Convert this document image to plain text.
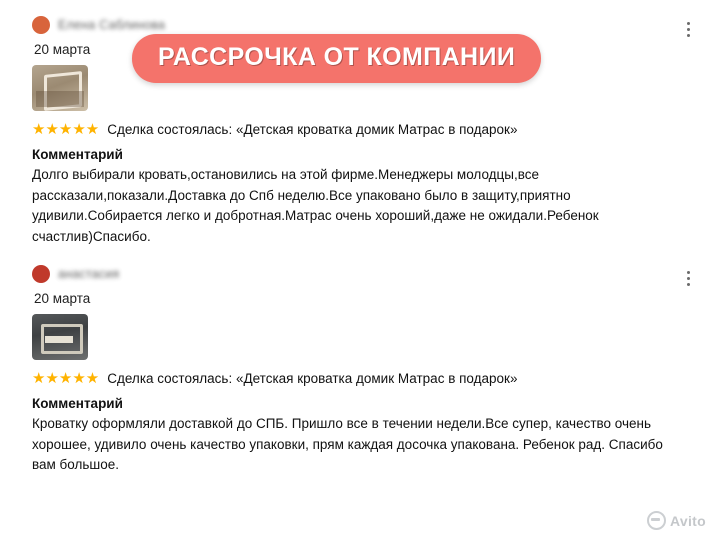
Елена Саблинова
20 марта
★★★★★ Сделка состоялась: «Детская кроватка домик Матрас в подарок»
Комментарий
Долго выбирали кровать,остановились на этой фирме.Менеджеры молодцы,все рассказали,показали.Доставка до Спб неделю.Все упаковано было в защиту,приятно удивили.Собирается легко и добротная.Матрас очень хороший,даже не ожидали.Ребенок счастлив)Спасибо.
анастасия
20 марта
★★★★★ Сделка состоялась: «Детская кроватка домик Матрас в подарок»
Комментарий
Кроватку оформляли доставкой до СПБ. Пришло все в течении недели.Все супер, качество очень хорошее, удивило очень качество упаковки, прям каждая досочка упакована. Ребенок рад. Спасибо вам большое.
РАССРОЧКА ОТ КОМПАНИИ
Avito
